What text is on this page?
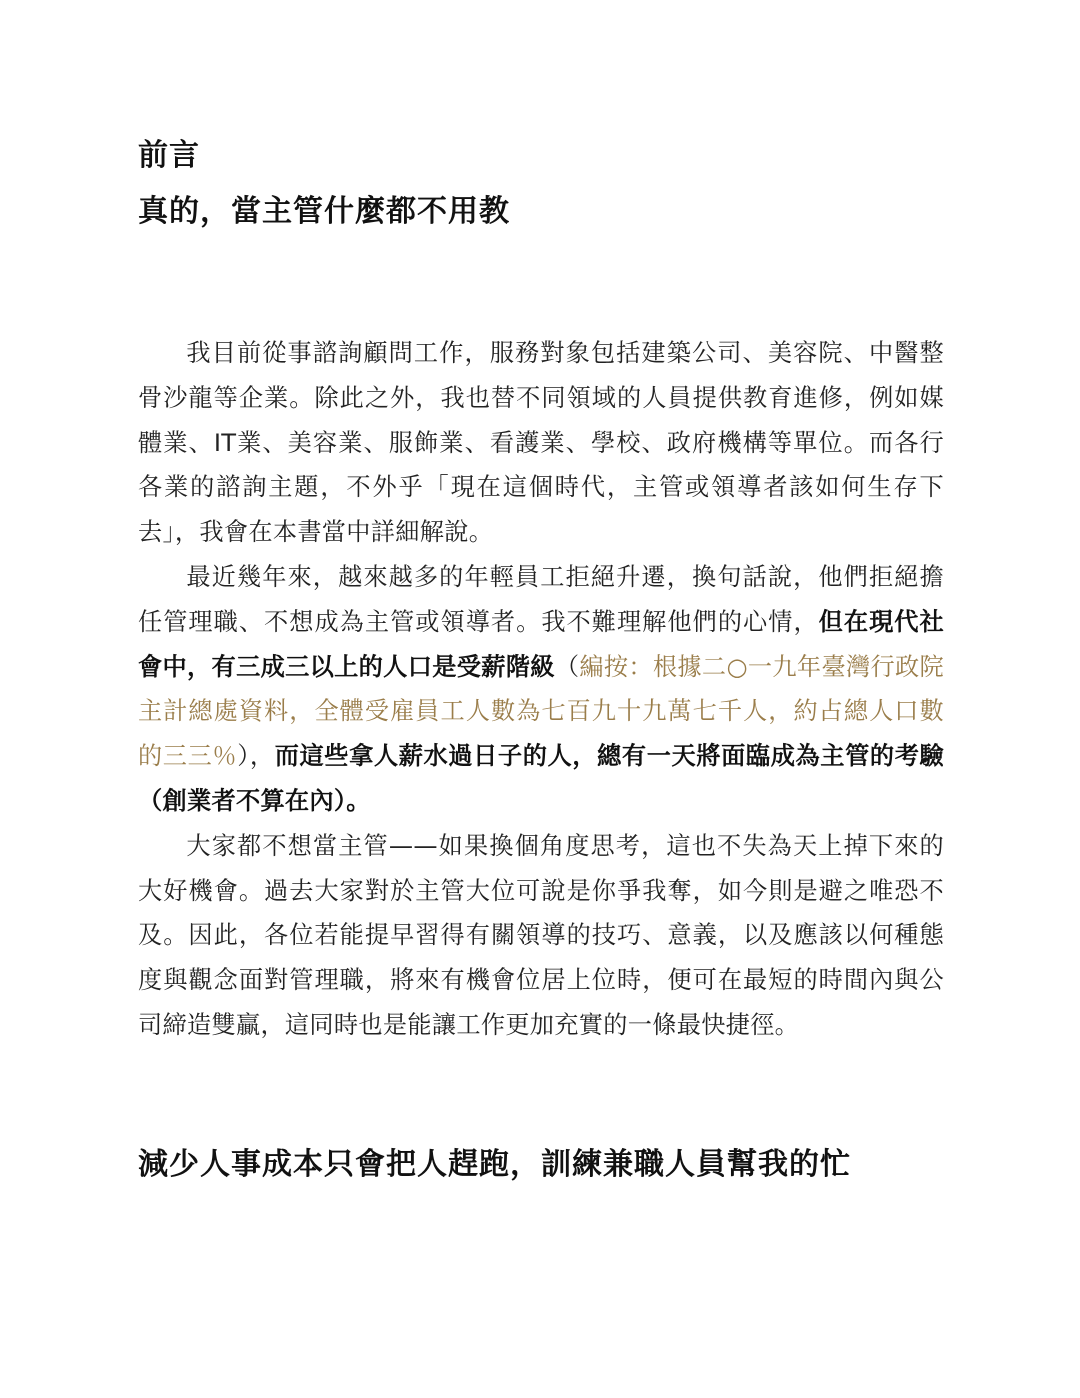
前言
真的，當主管什麼都不用教

我目前從事諮詢顧問工作，服務對象包括建築公司、美容院、中醫整骨沙龍等企業。除此之外，我也替不同領域的人員提供教育進修，例如媒體業、IT業、美容業、服飾業、看護業、學校、政府機構等單位。而各行各業的諮詢主題，不外乎「現在這個時代，主管或領導者該如何生存下去」，我會在本書當中詳細解說。

最近幾年來，越來越多的年輕員工拒絕升遷，換句話說，他們拒絕擔任管理職、不想成為主管或領導者。我不難理解他們的心情，但在現代社會中，有三成三以上的人口是受薪階級（編按：根據二○一九年臺灣行政院主計總處資料，全體受雇員工人數為七百九十九萬七千人，約占總人口數的三三％），而這些拿人薪水過日子的人，總有一天將面臨成為主管的考驗（創業者不算在內）。

大家都不想當主管——如果換個角度思考，這也不失為天上掉下來的大好機會。過去大家對於主管大位可說是你爭我奪，如今則是避之唯恐不及。因此，各位若能提早習得有關領導的技巧、意義，以及應該以何種態度與觀念面對管理職，將來有機會位居上位時，便可在最短的時間內與公司締造雙贏，這同時也是能讓工作更加充實的一條最快捷徑。

減少人事成本只會把人趕跑，訓練兼職人員幫我的忙
